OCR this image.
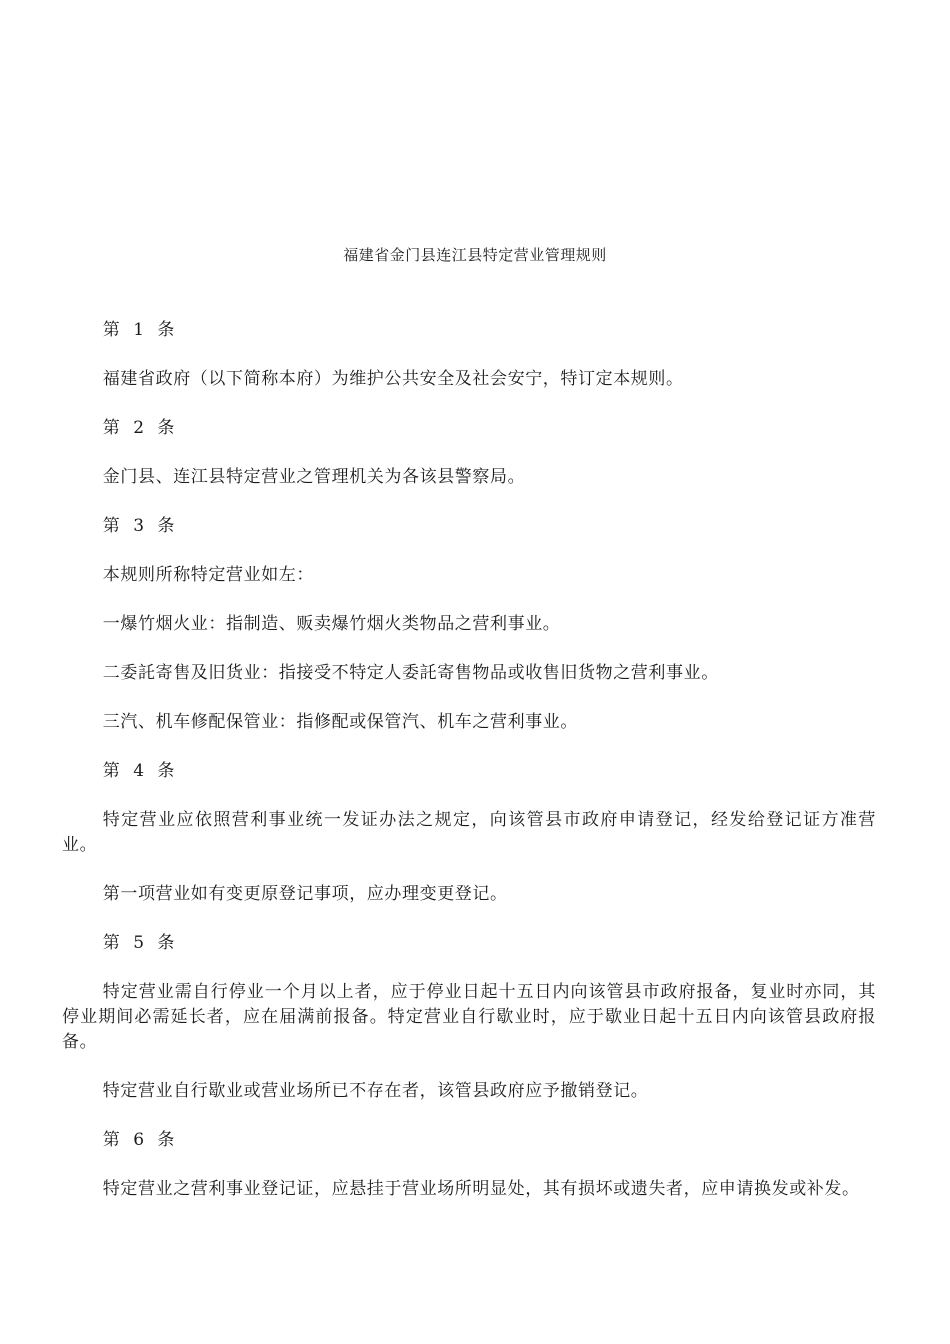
福建省金门县连江县特定营业管理规则

第 1 条

福建省政府（以下简称本府）为维护公共安全及社会安宁，特订定本规则。

第 2 条

金门县、连江县特定营业之管理机关为各该县警察局。

第 3 条

本规则所称特定营业如左：

一爆竹烟火业：指制造、贩卖爆竹烟火类物品之营利事业。

二委託寄售及旧货业：指接受不特定人委託寄售物品或收售旧货物之营利事业。

三汽、机车修配保管业：指修配或保管汽、机车之营利事业。

第 4 条

特定营业应依照营利事业统一发证办法之规定，向该管县市政府申请登记，经发给登记证方准营业。

第一项营业如有变更原登记事项，应办理变更登记。

第 5 条

特定营业需自行停业一个月以上者，应于停业日起十五日内向该管县市政府报备，复业时亦同，其停业期间必需延长者，应在届满前报备。特定营业自行歇业时，应于歇业日起十五日内向该管县政府报备。

特定营业自行歇业或营业场所已不存在者，该管县政府应予撤销登记。

第 6 条

特定营业之营利事业登记证，应悬挂于营业场所明显处，其有损坏或遗失者，应申请换发或补发。
